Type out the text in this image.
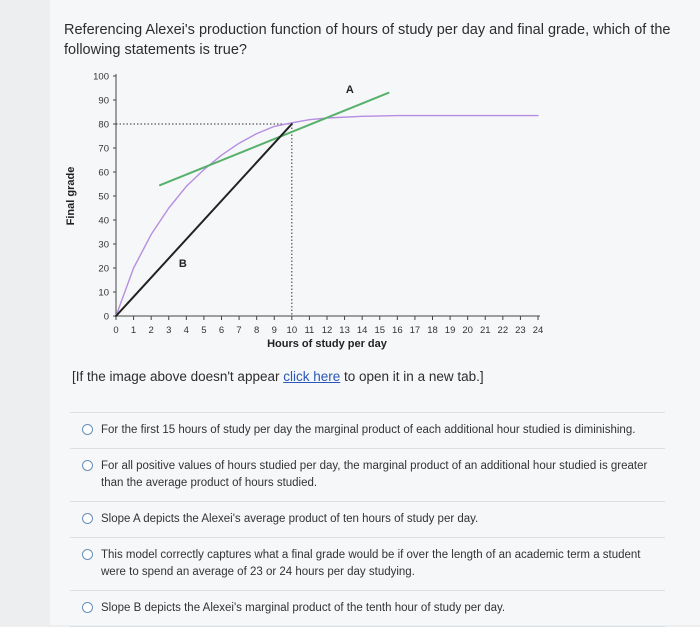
Referencing Alexei's production function of hours of study per day and final grade, which of the following statements is true?
0
10
20
30
40
50
60
70
80
90
100
0 1 2 3 4 5 6 7 8 9 10 11 12 13 14 15 16 17 18 19 20 21 22 23 24
Hours of study per day
Final grade
A
B
[If the image above doesn't appear click here to open it in a new tab.]
For the first 15 hours of study per day the marginal product of each additional hour studied is diminishing.
For all positive values of hours studied per day, the marginal product of an additional hour studied is greater than the average product of hours studied.
Slope A depicts the Alexei's average product of ten hours of study per day.
This model correctly captures what a final grade would be if over the length of an academic term a student were to spend an average of 23 or 24 hours per day studying.
Slope B depicts the Alexei's marginal product of the tenth hour of study per day.
